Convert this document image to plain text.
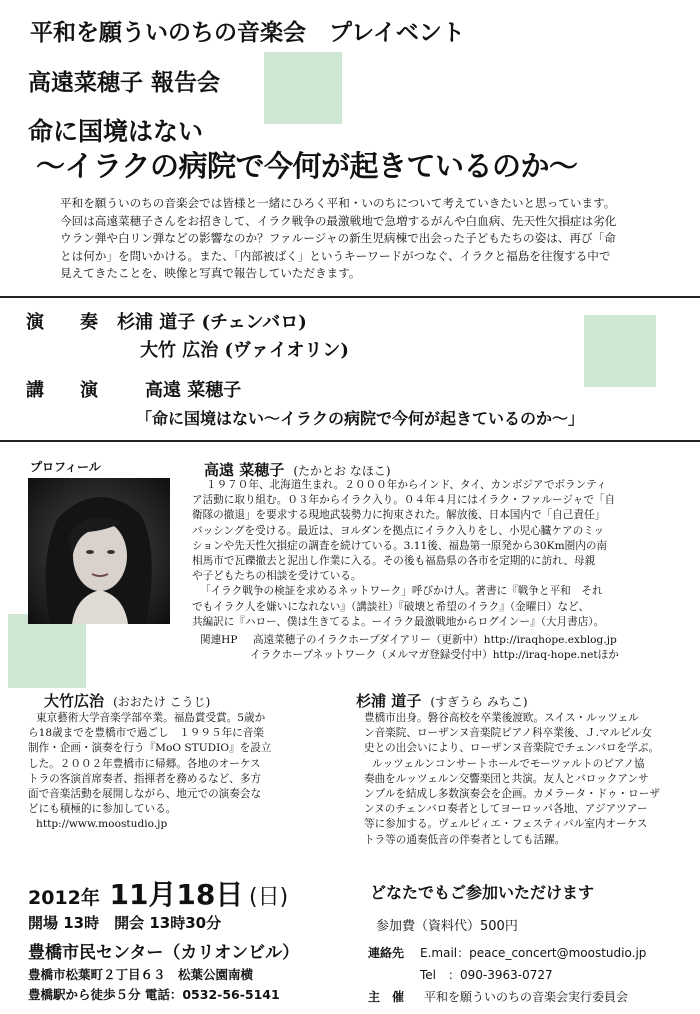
平和を願ういのちの音楽会　プレイベント
高遠菜穂子 報告会
命に国境はない
～イラクの病院で今何が起きているのか～
平和を願ういのちの音楽会では皆様と一緒にひろく平和・いのちについて考えていきたいと思っています。
今回は高遠菜穂子さんをお招きして、イラク戦争の最激戦地で急増するがんや白血病、先天性欠損症は劣化
ウラン弾や白リン弾などの影響なのか？ファルージャの新生児病棟で出会った子どもたちの姿は、再び「命
とは何か」を問いかける。また、「内部被ばく」というキーワードがつなぐ、イラクと福島を往復する中で
見えてきたことを、映像と写真で報告していただきます。
演　　奏 杉浦 道子 (チェンバロ)
大竹 広治 (ヴァイオリン)
講　　演	高遠 菜穂子
「命に国境はない～イラクの病院で今何が起きているのか～」
プロフィール	高遠 菜穂子 (たかとお なほこ)
１９７０年、北海道生まれ。２０００年からインド、タイ、カンボジアでボランティ
ア活動に取り組む。０３年からイラク入り。０４年４月にはイラク・ファルージャで「自
衛隊の撤退」を要求する現地武装勢力に拘束された。解放後、日本国内で「自己責任」
バッシングを受ける。最近は、ヨルダンを拠点にイラク入りをし、小児心臓ケアのミッ
ションや先天性欠損症の調査を続けている。3.11後、福島第一原発から30Km圏内の南
相馬市で瓦礫撤去と泥出し作業に入る。その後も福島県の各市を定期的に訪れ、母親
や子どもたちの相談を受けている。
「イラク戦争の検証を求めるネットワーク」呼びかけ人。著書に『戦争と平和　それ
でもイラク人を嫌いになれない』（講談社）『破壊と希望のイラク』（金曜日）など、
共編訳に『ハロー、僕は生きてるよ。ーイラク最激戦地からログインー』（大月書店）。
関連HP 高遠菜穂子のイラクホープダイアリー（更新中）http://iraqhope.exblog.jp
イラクホープネットワーク（メルマガ登録受付中）http://iraq-hope.netほか
大竹広治 (おおたけ こうじ)
東京藝術大学音楽学部卒業。福島賞受賞。5歳か
ら18歳までを豊橋市で過ごし　１９９５年に音楽
制作・企画・演奏を行う『MoO STUDIO』を設立
した。２００２年豊橋市に帰郷。各地のオーケス
トラの客演首席奏者、指揮者を務めるなど、多方
面で音楽活動を展開しながら、地元での演奏会な
どにも積極的に参加している。
http://www.moostudio.jp
杉浦 道子 (すぎうら みちこ)
豊橋市出身。磐谷高校を卒業後渡欧。スイス・ルッツェル
ン音楽院、ローザンヌ音楽院ピアノ科卒業後、Ｊ.マルビル女
史との出会いにより、ローザンヌ音楽院でチェンバロを学ぶ。
ルッツェルンコンサートホールでモーツァルトのピアノ協
奏曲をルッツェルン交響楽団と共演。友人とバロックアンサ
ンブルを結成し多数演奏会を企画。カメラータ・ドゥ・ローザ
ンヌのチェンバロ奏者としてヨーロッパ各地、アジアツアー
等に参加する。ヴェルビィエ・フェスティバル室内オーケス
トラ等の通奏低音の伴奏者としても活躍。
2012年 11月18日 (日)
開場 13時　開会 13時30分
豊橋市民センター（カリオンビル）
豊橋市松葉町２丁目６３　松葉公園南横
豊橋駅から徒歩５分 電話：0532-56-5141
どなたでもご参加いただけます
参加費（資料代）500円
連絡先 E.mail：peace_concert@moostudio.jp
Tel　：090-3963-0727
主　催 平和を願ういのちの音楽会実行委員会
